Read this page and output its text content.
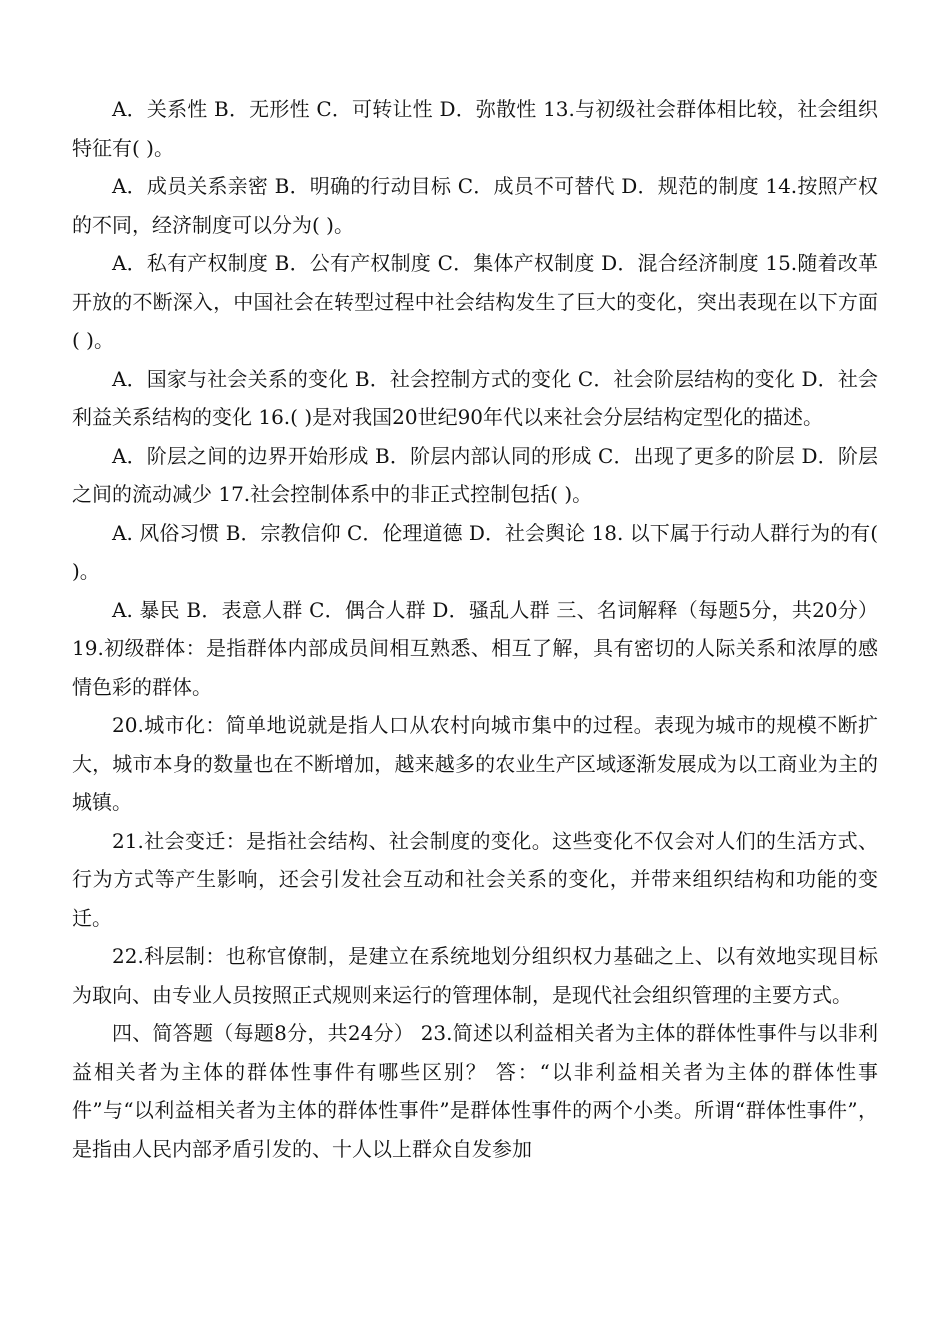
A．关系性 B．无形性 C．可转让性 D．弥散性 13.与初级社会群体相比较，社会组织特征有( )。

A．成员关系亲密 B．明确的行动目标 C．成员不可替代 D．规范的制度 14.按照产权的不同，经济制度可以分为( )。

A．私有产权制度 B．公有产权制度 C．集体产权制度 D．混合经济制度 15.随着改革开放的不断深入，中国社会在转型过程中社会结构发生了巨大的变化，突出表现在以下方面( )。

A．国家与社会关系的变化 B．社会控制方式的变化 C．社会阶层结构的变化 D．社会利益关系结构的变化 16.( )是对我国20世纪90年代以来社会分层结构定型化的描述。

A．阶层之间的边界开始形成 B．阶层内部认同的形成 C．出现了更多的阶层 D．阶层之间的流动减少 17.社会控制体系中的非正式控制包括( )。

A. 风俗习惯 B．宗教信仰 C．伦理道德 D．社会舆论 18. 以下属于行动人群行为的有( )。

A. 暴民 B．表意人群 C．偶合人群 D．骚乱人群 三、名词解释（每题5分，共20分） 19.初级群体：是指群体内部成员间相互熟悉、相互了解，具有密切的人际关系和浓厚的感情色彩的群体。

20.城市化：简单地说就是指人口从农村向城市集中的过程。表现为城市的规模不断扩大，城市本身的数量也在不断增加，越来越多的农业生产区域逐渐发展成为以工商业为主的城镇。

21.社会变迁：是指社会结构、社会制度的变化。这些变化不仅会对人们的生活方式、行为方式等产生影响，还会引发社会互动和社会关系的变化，并带来组织结构和功能的变迁。

22.科层制：也称官僚制，是建立在系统地划分组织权力基础之上、以有效地实现目标为取向、由专业人员按照正式规则来运行的管理体制，是现代社会组织管理的主要方式。

四、简答题（每题8分，共24分） 23.简述以利益相关者为主体的群体性事件与以非利益相关者为主体的群体性事件有哪些区别？ 答：“以非利益相关者为主体的群体性事件”与“以利益相关者为主体的群体性事件”是群体性事件的两个小类。所谓“群体性事件”，是指由人民内部矛盾引发的、十人以上群众自发参加
